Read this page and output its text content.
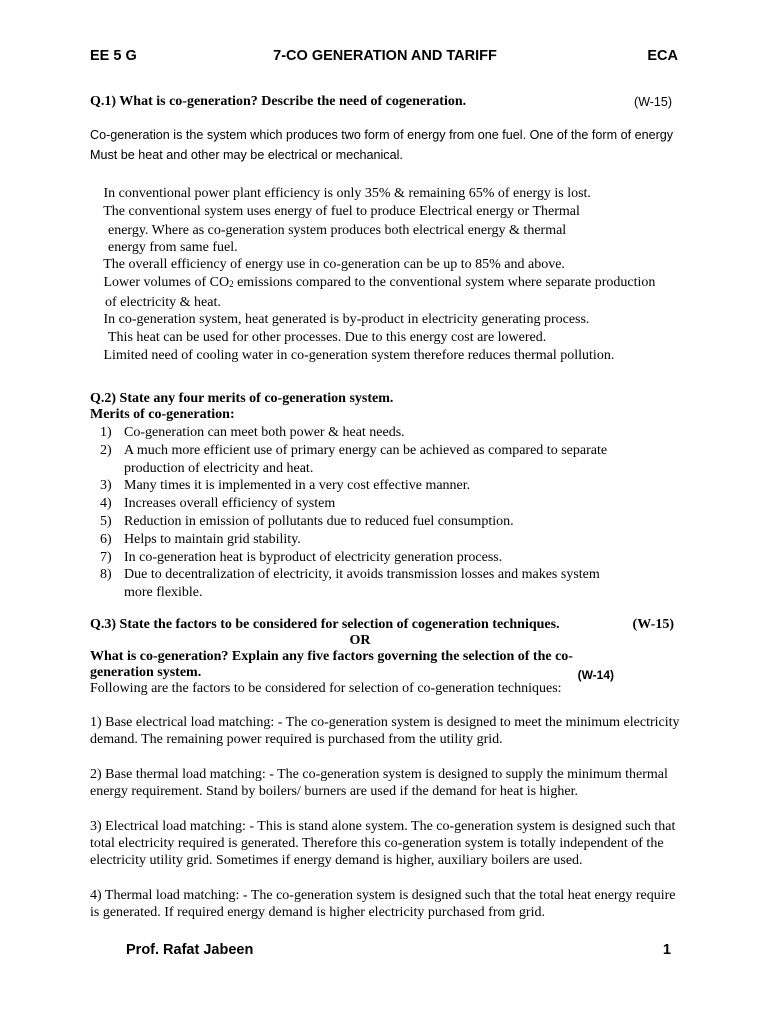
EE 5 G	7-CO GENERATION AND TARIFF	ECA
Q.1) What is co-generation? Describe the need of cogeneration.	(W-15)
Co-generation is the system which produces two form of energy from one fuel. One of the form of energy
Must be heat and other may be electrical or mechanical.

In conventional power plant efficiency is only 35% & remaining 65% of energy is lost.

The conventional system uses energy of fuel to produce Electrical energy or Thermal

energy. Where as co-generation system produces both electrical energy & thermal

energy from same fuel.

The overall efficiency of energy use in co-generation can be up to 85% and above.

Lower volumes of $CO_2$ emissions compared to the conventional system where separate production

of electricity & heat.

In co-generation system, heat generated is by-product in electricity generating process.

This heat can be used for other processes. Due to this energy cost are lowered.

Limited need of cooling water in co-generation system therefore reduces thermal pollution.

Q.2) State any four merits of co-generation system.
Merits of co-generation:

1) Co-generation can meet both power & heat needs.

2) A much more efficient use of primary energy can be achieved as compared to separate
production of electricity and heat.

3) Many times it is implemented in a very cost effective manner.

4) Increases overall efficiency of system

5) Reduction in emission of pollutants due to reduced fuel consumption.

6) Helps to maintain grid stability.

7) In co-generation heat is byproduct of electricity generation process.

8) Due to decentralization of electricity, it avoids transmission losses and makes system
more flexible.

Q.3) State the factors to be considered for selection of cogeneration techniques.	(W-15)

OR

What is co-generation? Explain any five factors governing the selection of the co-

generation system.	(W-14)

Following are the factors to be considered for selection of co-generation techniques:

1) Base electrical load matching: - The co-generation system is designed to meet the minimum electricity
demand. The remaining power required is purchased from the utility grid.

2) Base thermal load matching: - The co-generation system is designed to supply the minimum thermal
energy requirement. Stand by boilers/ burners are used if the demand for heat is higher.

3) Electrical load matching: - This is stand alone system. The co-generation system is designed such that
total electricity required is generated. Therefore this co-generation system is totally independent of the
electricity utility grid. Sometimes if energy demand is higher, auxiliary boilers are used.

4) Thermal load matching: - The co-generation system is designed such that the total heat energy require
is generated. If required energy demand is higher electricity purchased from grid.

Prof. Rafat Jabeen	1
